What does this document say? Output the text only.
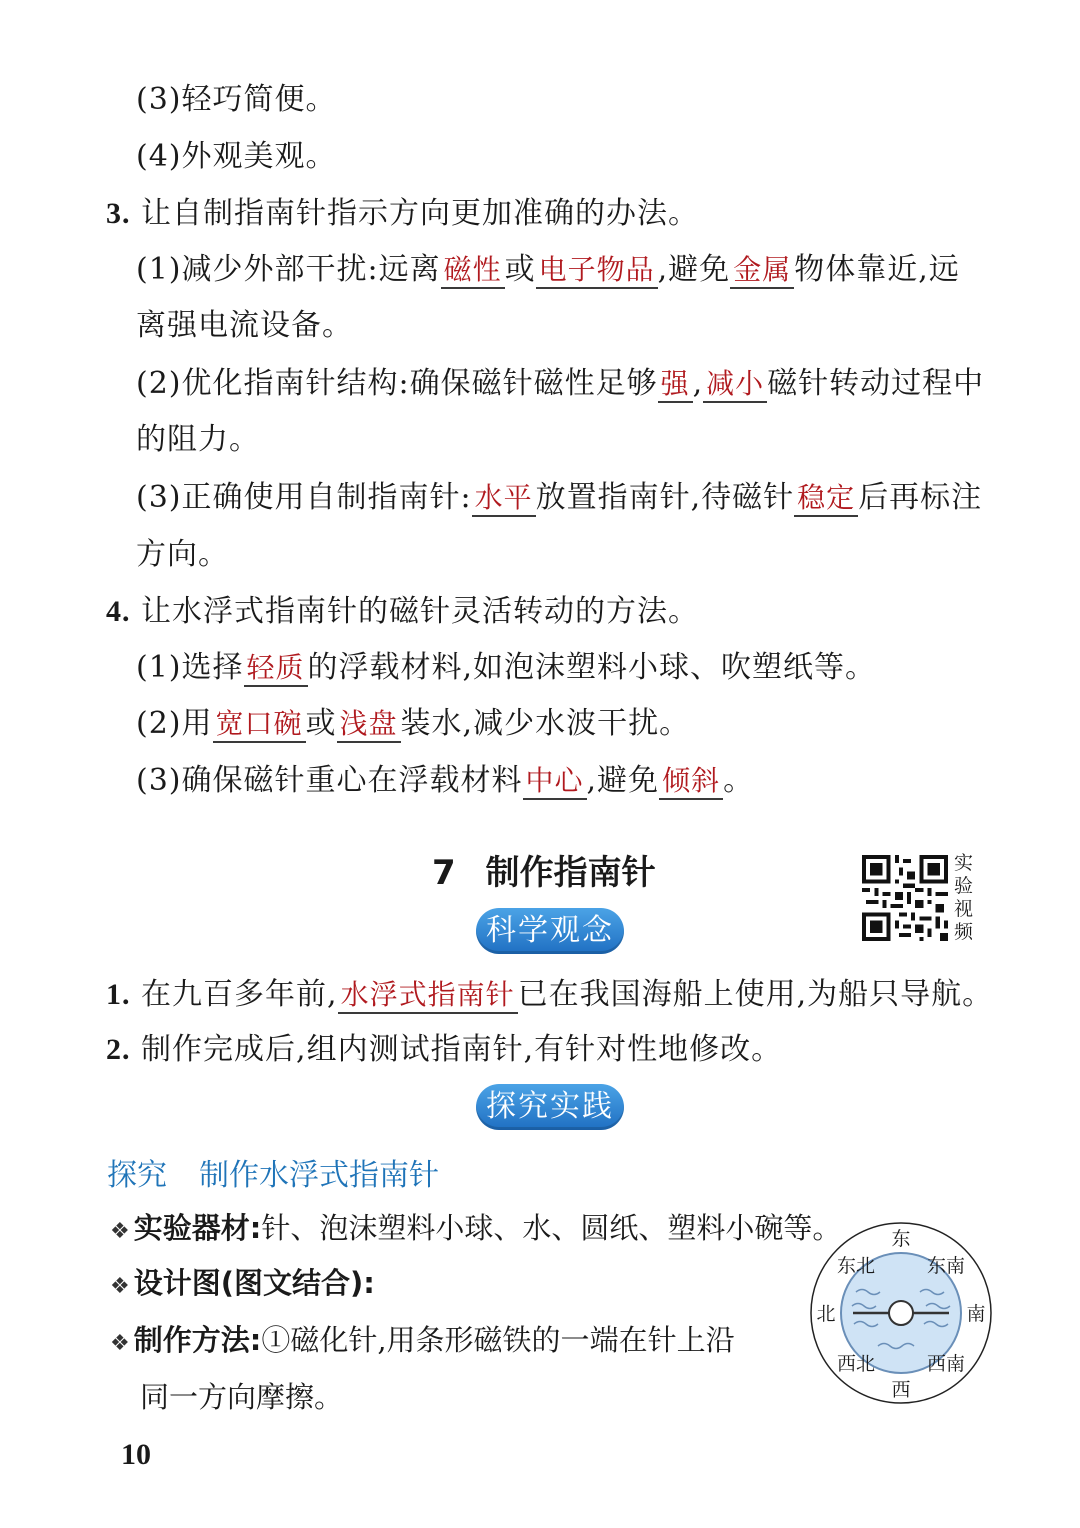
(3)轻巧简便。
(4)外观美观。
3. 让自制指南针指示方向更加准确的办法。
(1)减少外部干扰:远离 磁性 或 电子物品 ,避免 金属 物体靠近,远
离强电流设备。
(2)优化指南针结构:确保磁针磁性足够 强 , 减小 磁针转动过程中
的阻力。
(3)正确使用自制指南针: 水平 放置指南针,待磁针 稳定 后再标注
方向。
4. 让水浮式指南针的磁针灵活转动的方法。
(1)选择 轻质 的浮载材料,如泡沫塑料小球、吹塑纸等。
(2)用 宽口碗 或 浅盘 装水,减少水波干扰。
(3)确保磁针重心在浮载材料 中心 ,避免 倾斜 。
7 制作指南针	实
验
视
频
科学观念
1. 在九百多年前, 水浮式指南针 已在我国海船上使用,为船只导航。
2. 制作完成后,组内测试指南针,有针对性地修改。
探究实践
探究 制作水浮式指南针
❖ 实验器材:针、泡沫塑料小球、水、圆纸、塑料小碗等。
❖ 设计图(图文结合):
❖ 制作方法:①磁化针,用条形磁铁的一端在针上沿
同一方向摩擦。
东
西
北	南
东北	东南
西北	西南
10
